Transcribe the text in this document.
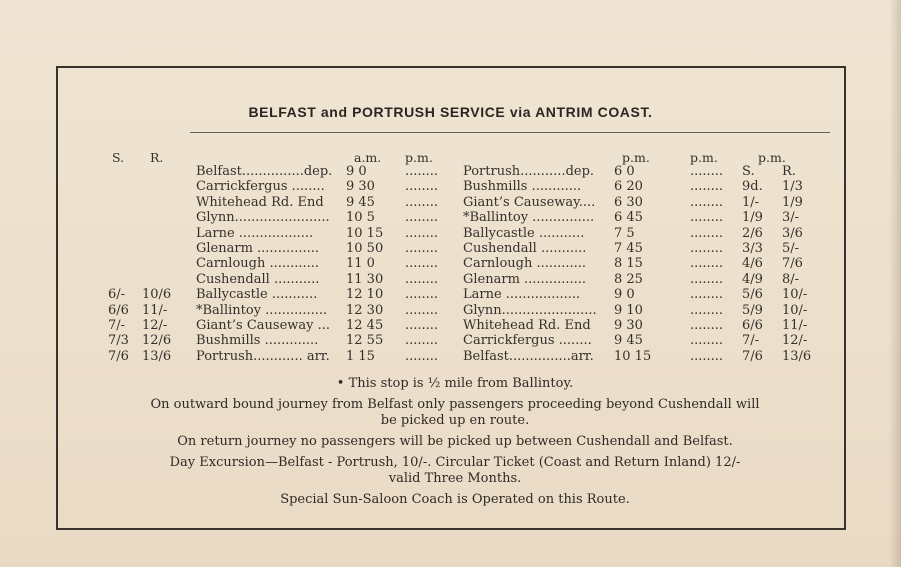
BELFAST and PORTRUSH SERVICE via ANTRIM COAST.
S. R.	a.m. p.m.	p.m.	p.m.	p.m.
Belfast...............dep. 9 0	........
Carrickfergus ........ 9 30 ........
Whitehead Rd. End 9 45 ........
Glynn....................... 10 5 ........
Larne ..................	10 15 ........
Glenarm ............... 10 50 ........
Carnlough ............ 11 0 ........
Cushendall ........... 11 30 ........
6/- 10/6 Ballycastle ........... 12 10 ........
6/6 11/- *Ballintoy ............... 12 30 ........
7/- 12/- Giant’s Causeway ... 12 45 ........
7/3 12/6 Bushmills ............. 12 55 ........
7/6 13/6 Portrush............ arr. 1 15 ........
Portrush...........dep. 6 0	........ S. R.
Bushmills ............	6 20	........ 9d. 1/3
Giant’s Causeway.... 6 30	........ 1/- 1/9
*Ballintoy ............... 6 45	........ 1/9 3/-
Ballycastle ........... 7 5	........ 2/6 3/6
Cushendall ........... 7 45	........ 3/3 5/-
Carnlough ............ 8 15	........ 4/6 7/6
Glenarm ............... 8 25	........ 4/9 8/-
Larne ..................	9 0	........ 5/6 10/-
Glynn....................... 9 10	........ 5/9 10/-
Whitehead Rd. End 9 30	........ 6/6 11/-
Carrickfergus ........ 9 45	........ 7/- 12/-
Belfast...............arr. 10 15	........ 7/6 13/6
• This stop is ½ mile from Ballintoy.
On outward bound journey from Belfast only passengers proceeding beyond Cushendall will
be picked up en route.
On return journey no passengers will be picked up between Cushendall and Belfast.
Day Excursion—Belfast - Portrush, 10/-. Circular Ticket (Coast and Return Inland) 12/-
valid Three Months.
Special Sun-Saloon Coach is Operated on this Route.
